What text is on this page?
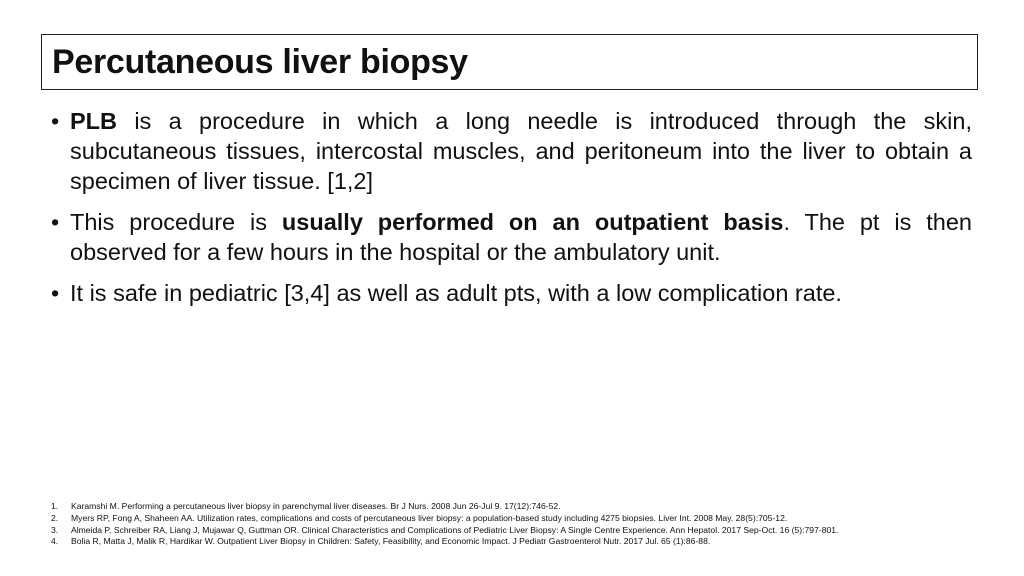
Percutaneous liver biopsy
• PLB is a procedure in which a long needle is introduced through the skin, subcutaneous tissues, intercostal muscles, and peritoneum into the liver to obtain a specimen of liver tissue. [1,2]
• This procedure is usually performed on an outpatient basis. The pt is then observed for a few hours in the hospital or the ambulatory unit.
• It is safe in pediatric [3,4] as well as adult pts, with a low complication rate.
1.	Karamshi M. Performing a percutaneous liver biopsy in parenchymal liver diseases. Br J Nurs. 2008 Jun 26-Jul 9. 17(12):746-52.
2.	Myers RP, Fong A, Shaheen AA. Utilization rates, complications and costs of percutaneous liver biopsy: a population-based study including 4275 biopsies. Liver Int. 2008 May. 28(5):705-12.
3.	Almeida P, Schreiber RA, Liang J, Mujawar Q, Guttman OR. Clinical Characteristics and Complications of Pediatric Liver Biopsy: A Single Centre Experience. Ann Hepatol. 2017 Sep-Oct. 16 (5):797-801.
4.	Bolia R, Matta J, Malik R, Hardikar W. Outpatient Liver Biopsy in Children: Safety, Feasibility, and Economic Impact. J Pediatr Gastroenterol Nutr. 2017 Jul. 65 (1):86-88.
